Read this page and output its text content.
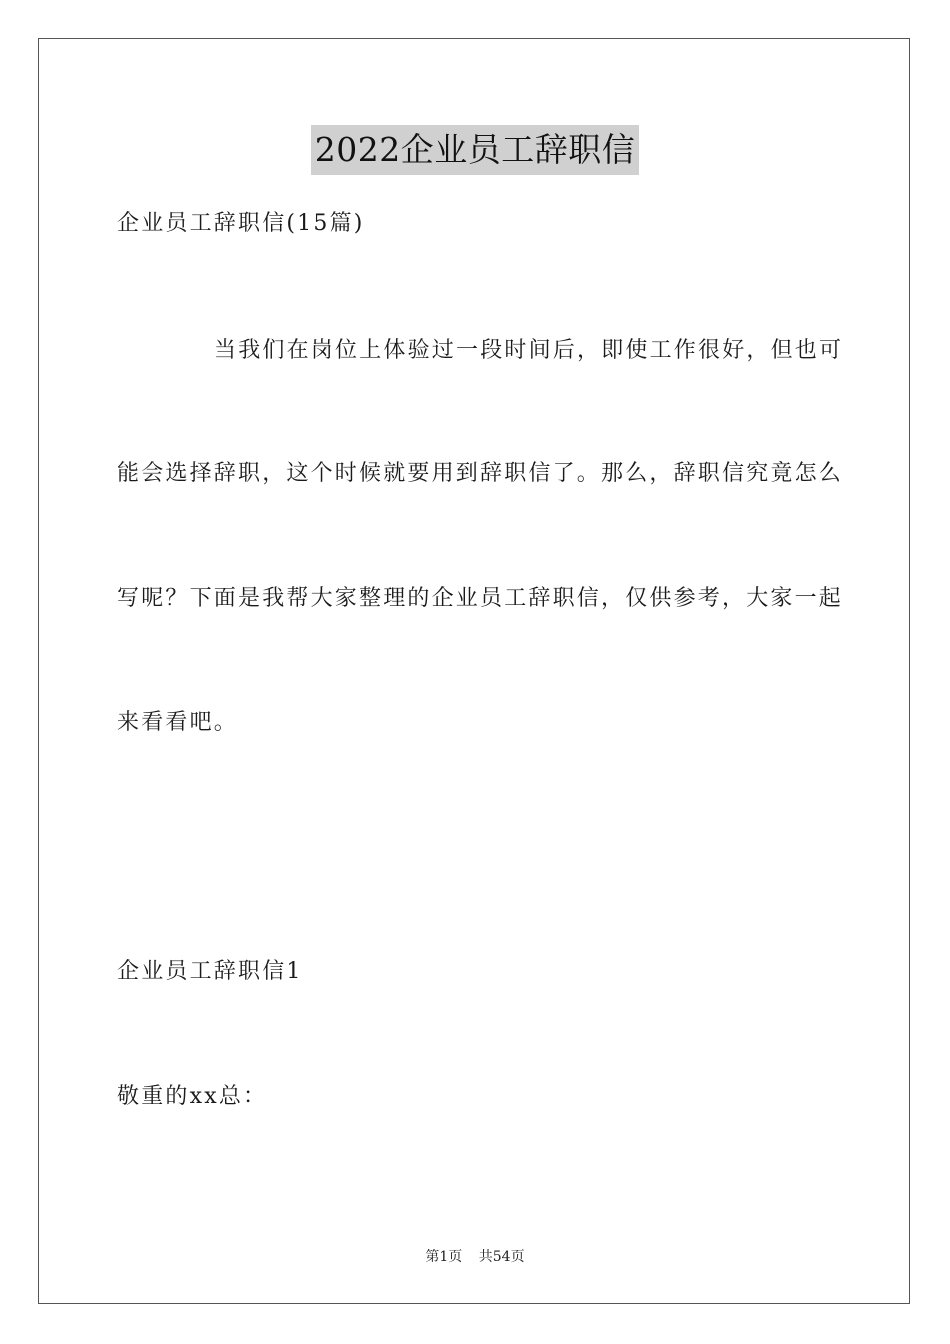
2022企业员工辞职信
企业员工辞职信(15篇)
当我们在岗位上体验过一段时间后，即使工作很好，但也可
能会选择辞职，这个时候就要用到辞职信了。那么，辞职信究竟怎么
写呢？下面是我帮大家整理的企业员工辞职信，仅供参考，大家一起
来看看吧。
企业员工辞职信1
敬重的xx总：
第1页 共54页
